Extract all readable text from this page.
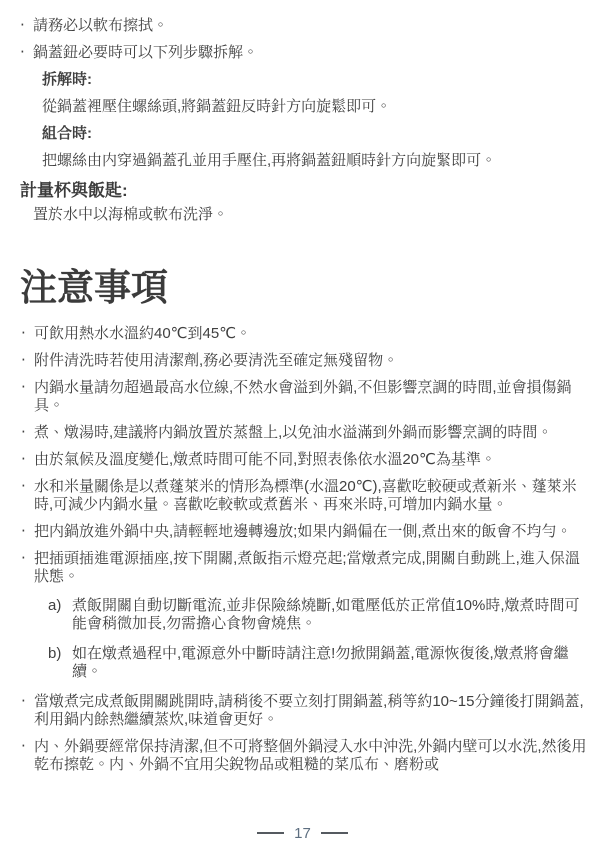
‧ 請務必以軟布擦拭。
‧ 鍋蓋鈕必要時可以下列步驟拆解。
拆解時:
從鍋蓋裡壓住螺絲頭,將鍋蓋鈕反時針方向旋鬆即可。
組合時:
把螺絲由内穿過鍋蓋孔並用手壓住,再將鍋蓋鈕順時針方向旋緊即可。
計量杯與飯匙:
置於水中以海棉或軟布洗淨。
注意事項
‧ 可飲用熱水水溫約40℃到45℃。
‧ 附件清洗時若使用清潔劑,務必要清洗至確定無殘留物。
‧ 内鍋水量請勿超過最高水位線,不然水會溢到外鍋,不但影響烹調的時間,並會損傷鍋具。
‧ 煮、燉湯時,建議將内鍋放置於蒸盤上,以免油水溢滿到外鍋而影響烹調的時間。
‧ 由於氣候及溫度變化,燉煮時間可能不同,對照表係依水溫20℃為基準。
‧ 水和米量關係是以煮蓬萊米的情形為標準(水溫20℃),喜歡吃較硬或煮新米、蓬萊米時,可減少内鍋水量。喜歡吃較軟或煮舊米、再來米時,可增加内鍋水量。
‧ 把内鍋放進外鍋中央,請輕輕地邊轉邊放;如果内鍋偏在一側,煮出來的飯會不均勻。
‧ 把插頭插進電源插座,按下開關,煮飯指示燈亮起;當燉煮完成,開關自動跳上,進入保溫狀態。
a) 煮飯開關自動切斷電流,並非保險絲燒斷,如電壓低於正常值10%時,燉煮時間可能會稍微加長,勿需擔心食物會燒焦。
b) 如在燉煮過程中,電源意外中斷時請注意!勿掀開鍋蓋,電源恢復後,燉煮將會繼續。
‧ 當燉煮完成煮飯開關跳開時,請稍後不要立刻打開鍋蓋,稍等約10~15分鐘後打開鍋蓋,利用鍋内餘熱繼續蒸炊,味道會更好。
‧ 内、外鍋要經常保持清潔,但不可將整個外鍋浸入水中沖洗,外鍋内壁可以水洗,然後用乾布擦乾。内、外鍋不宜用尖銳物品或粗糙的菜瓜布、磨粉或
17
